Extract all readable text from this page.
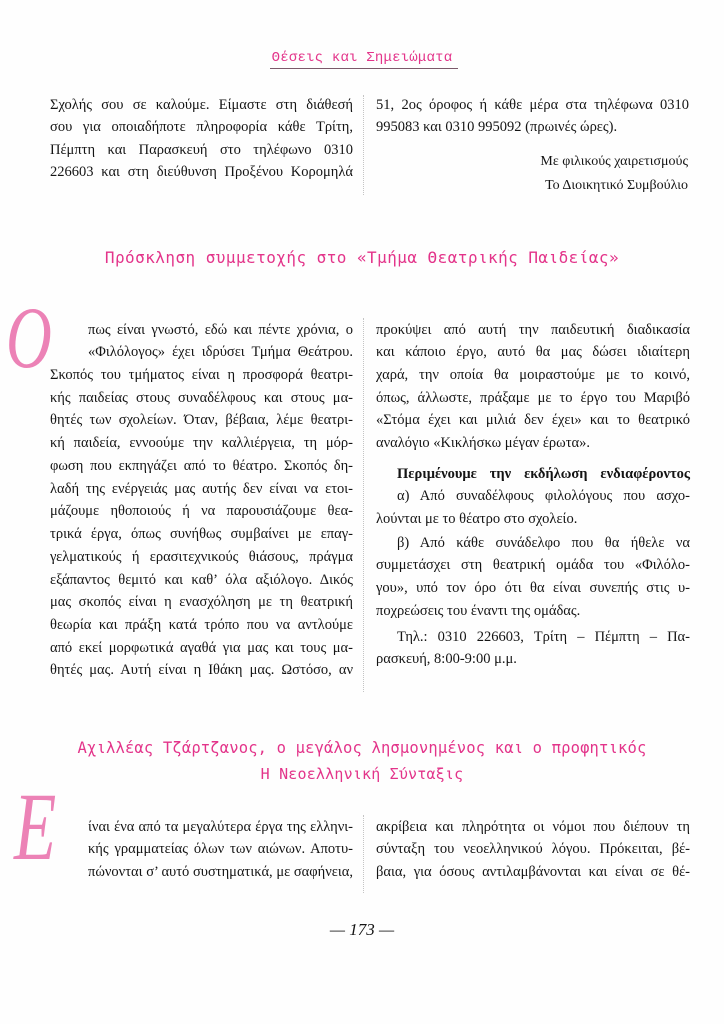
Θέσεις και Σημειώματα
Σχολής σου σε καλούμε. Είμαστε στη διάθεσή
σου για οποιαδήποτε πληροφορία κάθε Τρίτη,
Πέμπτη και Παρασκευή στο τηλέφωνο 0310
226603 και στη διεύθυνση Προξένου Κορομηλά
51, 2ος όροφος ή κάθε μέρα στα τηλέφωνα 0310
995083 και 0310 995092 (πρωινές ώρες).
Με φιλικούς χαιρετισμούς
Το Διοικητικό Συμβούλιο
Πρόσκληση συμμετοχής στο «Τμήμα Θεατρικής Παιδείας»
Ο πως είναι γνωστό, εδώ και πέντε χρόνια, ο
«Φιλόλογος» έχει ιδρύσει Τμήμα Θεάτρου.
Σκοπός του τμήματος είναι η προσφορά θεατρι-
κής παιδείας στους συναδέλφους και στους μα-
θητές των σχολείων. Όταν, βέβαια, λέμε θεατρι-
κή παιδεία, εννοούμε την καλλιέργεια, τη μόρ-
φωση που εκπηγάζει από το θέατρο. Σκοπός δη-
λαδή της ενέργειάς μας αυτής δεν είναι να ετοι-
μάζουμε ηθοποιούς ή να παρουσιάζουμε θεα-
τρικά έργα, όπως συνήθως συμβαίνει με επαγ-
γελματικούς ή ερασιτεχνικούς θιάσους, πράγμα
εξάπαντος θεμιτό και καθ’ όλα αξιόλογο. Δικός
μας σκοπός είναι η ενασχόληση με τη θεατρική
θεωρία και πράξη κατά τρόπο που να αντλούμε
από εκεί μορφωτικά αγαθά για μας και τους μα-
θητές μας. Αυτή είναι η Ιθάκη μας. Ωστόσο, αν
προκύψει από αυτή την παιδευτική διαδικασία
και κάποιο έργο, αυτό θα μας δώσει ιδιαίτερη
χαρά, την οποία θα μοιραστούμε με το κοινό,
όπως, άλλωστε, πράξαμε με το έργο του Μαριβό
«Στόμα έχει και μιλιά δεν έχει» και το θεατρικό
αναλόγιο «Κικλήσκω μέγαν έρωτα».
Περιμένουμε την εκδήλωση ενδιαφέροντος
α) Από συναδέλφους φιλολόγους που ασχο-
λούνται με το θέατρο στο σχολείο.
β) Από κάθε συνάδελφο που θα ήθελε να
συμμετάσχει στη θεατρική ομάδα του «Φιλόλο-
γου», υπό τον όρο ότι θα είναι συνεπής στις υ-
ποχρεώσεις του έναντι της ομάδας.
Τηλ.: 0310 226603, Τρίτη – Πέμπτη – Πα-
ρασκευή, 8:00-9:00 μ.μ.
Αχιλλέας Τζάρτζανος, ο μεγάλος λησμονημένος και ο προφητικός
Η Νεοελληνική Σύνταξις
Ε ίναι ένα από τα μεγαλύτερα έργα της ελληνι-
κής γραμματείας όλων των αιώνων. Αποτυ-
πώνονται σ’ αυτό συστηματικά, με σαφήνεια,
ακρίβεια και πληρότητα οι νόμοι που διέπουν τη
σύνταξη του νεοελληνικού λόγου. Πρόκειται, βέ-
βαια, για όσους αντιλαμβάνονται και είναι σε θέ-
— 173 —
